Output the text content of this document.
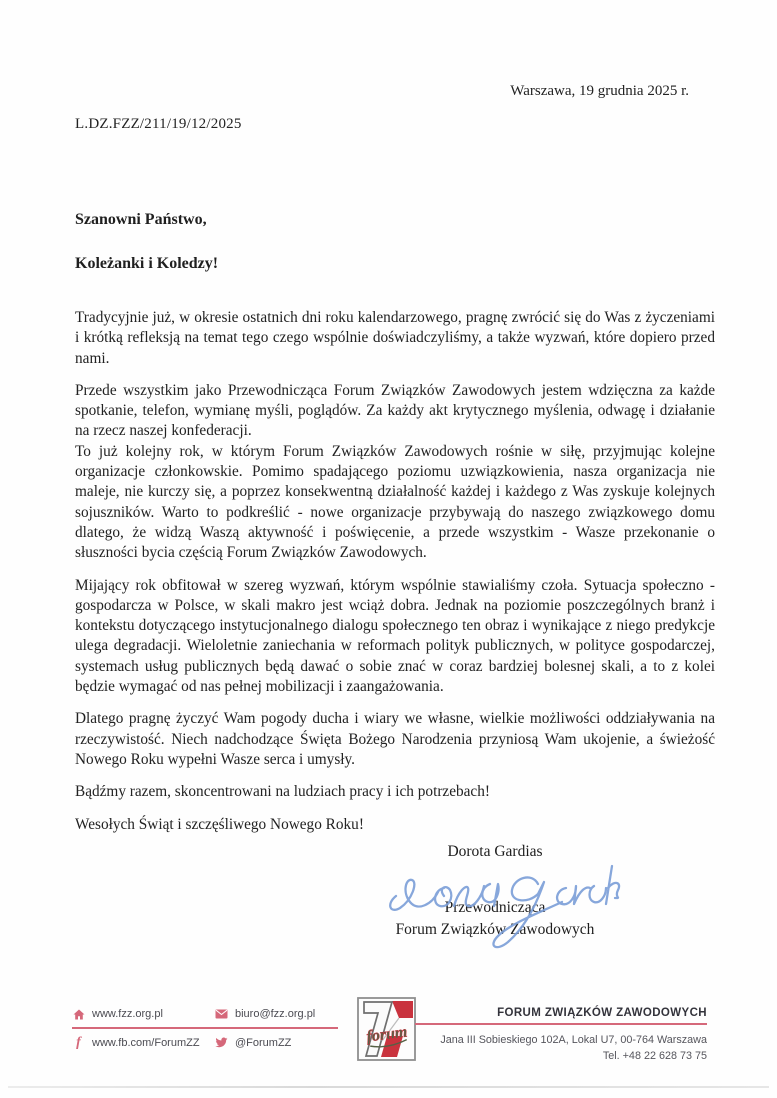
Warszawa, 19 grudnia 2025 r.
L.DZ.FZZ/211/19/12/2025

Szanowni Państwo,

Koleżanki i Koledzy!

Tradycyjnie już, w okresie ostatnich dni roku kalendarzowego, pragnę zwrócić się do Was z życzeniami i krótką refleksją na temat tego czego wspólnie doświadczyliśmy, a także wyzwań, które dopiero przed nami.

Przede wszystkim jako Przewodnicząca Forum Związków Zawodowych jestem wdzięczna za każde spotkanie, telefon, wymianę myśli, poglądów. Za każdy akt krytycznego myślenia, odwagę i działanie na rzecz naszej konfederacji.

To już kolejny rok, w którym Forum Związków Zawodowych rośnie w siłę, przyjmując kolejne organizacje członkowskie. Pomimo spadającego poziomu uzwiązkowienia, nasza organizacja nie maleje, nie kurczy się, a poprzez konsekwentną działalność każdej i każdego z Was zyskuje kolejnych sojuszników. Warto to podkreślić - nowe organizacje przybywają do naszego związkowego domu dlatego, że widzą Waszą aktywność i poświęcenie, a przede wszystkim - Wasze przekonanie o słuszności bycia częścią Forum Związków Zawodowych.

Mijający rok obfitował w szereg wyzwań, którym wspólnie stawialiśmy czoła. Sytuacja społeczno - gospodarcza w Polsce, w skali makro jest wciąż dobra. Jednak na poziomie poszczególnych branż i kontekstu dotyczącego instytucjonalnego dialogu społecznego ten obraz i wynikające z niego predykcje ulega degradacji. Wieloletnie zaniechania w reformach polityk publicznych, w polityce gospodarczej, systemach usług publicznych będą dawać o sobie znać w coraz bardziej bolesnej skali, a to z kolei będzie wymagać od nas pełnej mobilizacji i zaangażowania.

Dlatego pragnę życzyć Wam pogody ducha i wiary we własne, wielkie możliwości oddziaływania na rzeczywistość. Niech nadchodzące Święta Bożego Narodzenia przyniosą Wam ukojenie, a świeżość Nowego Roku wypełni Wasze serca i umysły.

Bądźmy razem, skoncentrowani na ludziach pracy i ich potrzebach!

Wesołych Świąt i szczęśliwego Nowego Roku!

Dorota Gardias
Przewodnicząca
Forum Związków Zawodowych
www.fzz.org.pl	biuro@fzz.org.pl
f www.fb.com/ForumZZ	@ForumZZ	forum
FORUM ZWIĄZKÓW ZAWODOWYCH
Jana III Sobieskiego 102A, Lokal U7, 00-764 Warszawa
Tel. +48 22 628 73 75
